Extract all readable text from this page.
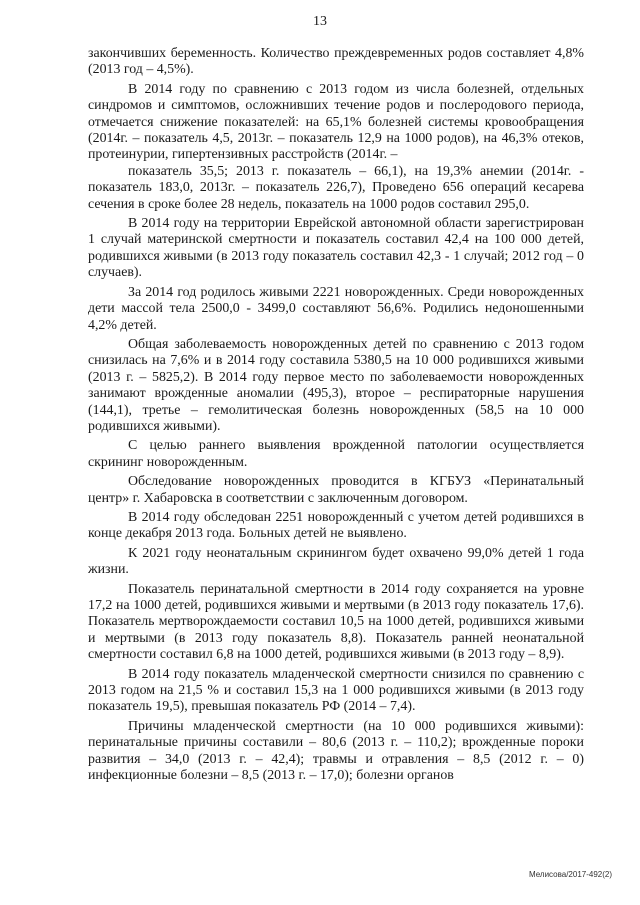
13

закончивших беременность. Количество преждевременных родов составляет 4,8% (2013 год – 4,5%).

В 2014 году по сравнению с 2013 годом из числа болезней, отдельных синдромов и симптомов, осложнивших течение родов и послеродового периода, отмечается снижение показателей: на 65,1% болезней системы кровообращения (2014г. – показатель 4,5, 2013г. – показатель 12,9 на 1000 родов), на 46,3% отеков, протеинурии, гипертензивных расстройств (2014г. –

показатель 35,5; 2013 г. показатель – 66,1), на 19,3% анемии (2014г. - показатель 183,0, 2013г. – показатель 226,7), Проведено 656 операций кесарева сечения в сроке более 28 недель, показатель на 1000 родов составил 295,0.

В 2014 году на территории Еврейской автономной области зарегистрирован 1 случай материнской смертности и показатель составил 42,4 на 100 000 детей, родившихся живыми (в 2013 году показатель составил 42,3 - 1 случай; 2012 год – 0 случаев).

За 2014 год родилось живыми 2221 новорожденных. Среди новорожденных дети массой тела 2500,0 - 3499,0 составляют 56,6%. Родились недоношенными 4,2% детей.

Общая заболеваемость новорожденных детей по сравнению с 2013 годом снизилась на 7,6% и в 2014 году составила 5380,5 на 10 000 родившихся живыми (2013 г. – 5825,2). В 2014 году первое место по заболеваемости новорожденных занимают врожденные аномалии (495,3), второе – респираторные нарушения (144,1), третье – гемолитическая болезнь новорожденных (58,5 на 10 000 родившихся живыми).

С целью раннего выявления врожденной патологии осуществляется скрининг новорожденным.

Обследование новорожденных проводится в КГБУЗ «Перинатальный центр» г. Хабаровска в соответствии с заключенным договором.

В 2014 году обследован 2251 новорожденный с учетом детей родившихся в конце декабря 2013 года. Больных детей не выявлено.

К 2021 году неонатальным скринингом будет охвачено 99,0% детей 1 года жизни.

Показатель перинатальной смертности в 2014 году сохраняется на уровне 17,2 на 1000 детей, родившихся живыми и мертвыми (в 2013 году показатель 17,6). Показатель мертворождаемости составил 10,5 на 1000 детей, родившихся живыми и мертвыми (в 2013 году показатель 8,8). Показатель ранней неонатальной смертности составил 6,8 на 1000 детей, родившихся живыми (в 2013 году – 8,9).

В 2014 году показатель младенческой смертности снизился по сравнению с 2013 годом на 21,5 % и составил 15,3 на 1 000 родившихся живыми (в 2013 году показатель 19,5), превышая показатель РФ (2014 – 7,4).

Причины младенческой смертности (на 10 000 родившихся живыми): перинатальные причины составили – 80,6 (2013 г. – 110,2); врожденные пороки развития – 34,0 (2013 г. – 42,4); травмы и отравления – 8,5 (2012 г. – 0) инфекционные болезни – 8,5 (2013 г. – 17,0); болезни органов

Мелисова/2017-492(2)
